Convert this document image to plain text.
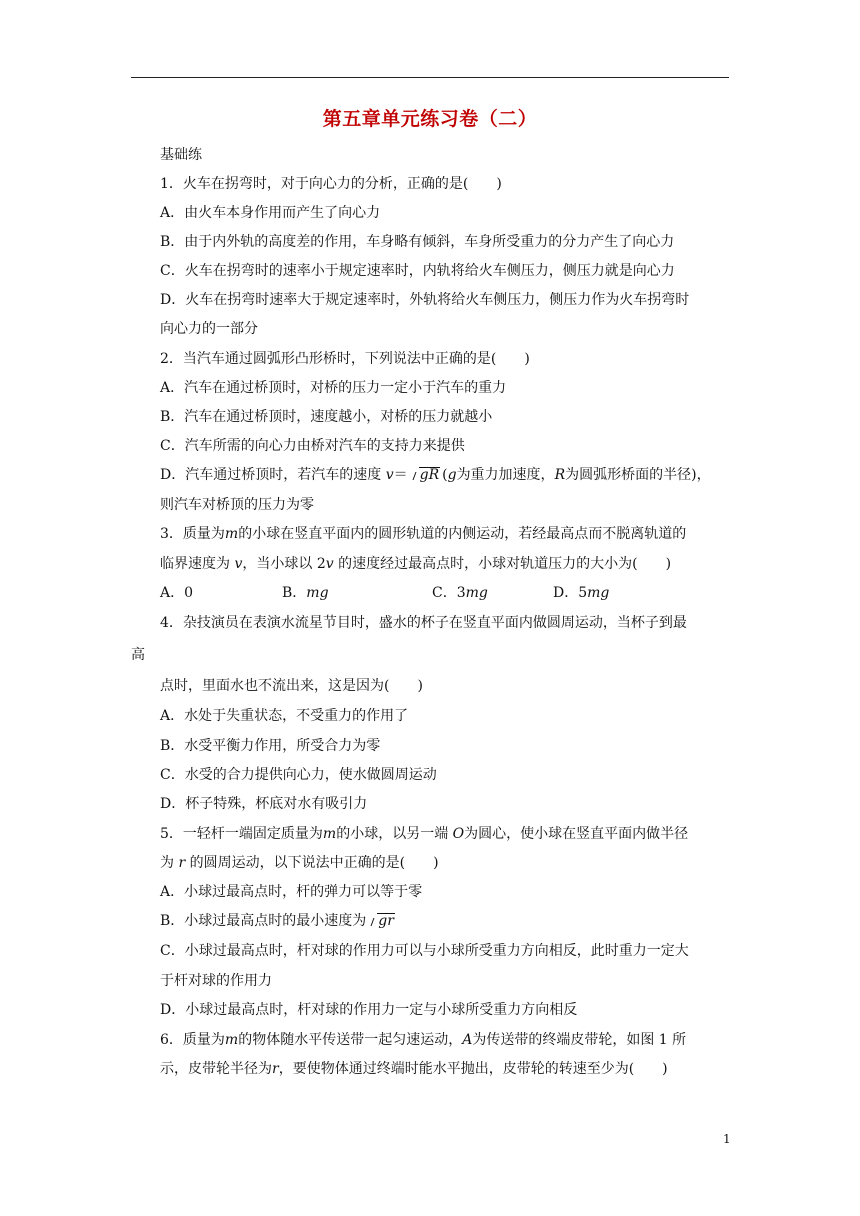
第五章单元练习卷（二）
基础练
1．火车在拐弯时，对于向心力的分析，正确的是(　　)
A．由火车本身作用而产生了向心力
B．由于内外轨的高度差的作用，车身略有倾斜，车身所受重力的分力产生了向心力
C．火车在拐弯时的速率小于规定速率时，内轨将给火车侧压力，侧压力就是向心力
D．火车在拐弯时速率大于规定速率时，外轨将给火车侧压力，侧压力作为火车拐弯时
向心力的一部分
2．当汽车通过圆弧形凸形桥时，下列说法中正确的是(　　)
A．汽车在通过桥顶时，对桥的压力一定小于汽车的重力
B．汽车在通过桥顶时，速度越小，对桥的压力就越小
C．汽车所需的向心力由桥对汽车的支持力来提供
D．汽车通过桥顶时，若汽车的速度 v＝ gR (g为重力加速度，R为圆弧形桥面的半径)，
则汽车对桥顶的压力为零
3．质量为m的小球在竖直平面内的圆形轨道的内侧运动，若经最高点而不脱离轨道的
临界速度为 v，当小球以 2v 的速度经过最高点时，小球对轨道压力的大小为(　　)
A．0	B．mg	C．3mg	D．5mg
4．杂技演员在表演水流星节目时，盛水的杯子在竖直平面内做圆周运动，当杯子到最
高
点时，里面水也不流出来，这是因为(　　)
A．水处于失重状态，不受重力的作用了
B．水受平衡力作用，所受合力为零
C．水受的合力提供向心力，使水做圆周运动
D．杯子特殊，杯底对水有吸引力
5．一轻杆一端固定质量为m的小球，以另一端 O为圆心，使小球在竖直平面内做半径
为 r 的圆周运动，以下说法中正确的是(　　)
A．小球过最高点时，杆的弹力可以等于零
B．小球过最高点时的最小速度为 gr
C．小球过最高点时，杆对球的作用力可以与小球所受重力方向相反，此时重力一定大
于杆对球的作用力
D．小球过最高点时，杆对球的作用力一定与小球所受重力方向相反
6．质量为m的物体随水平传送带一起匀速运动，A为传送带的终端皮带轮，如图 1 所
示，皮带轮半径为r，要使物体通过终端时能水平抛出，皮带轮的转速至少为(　　)
1
